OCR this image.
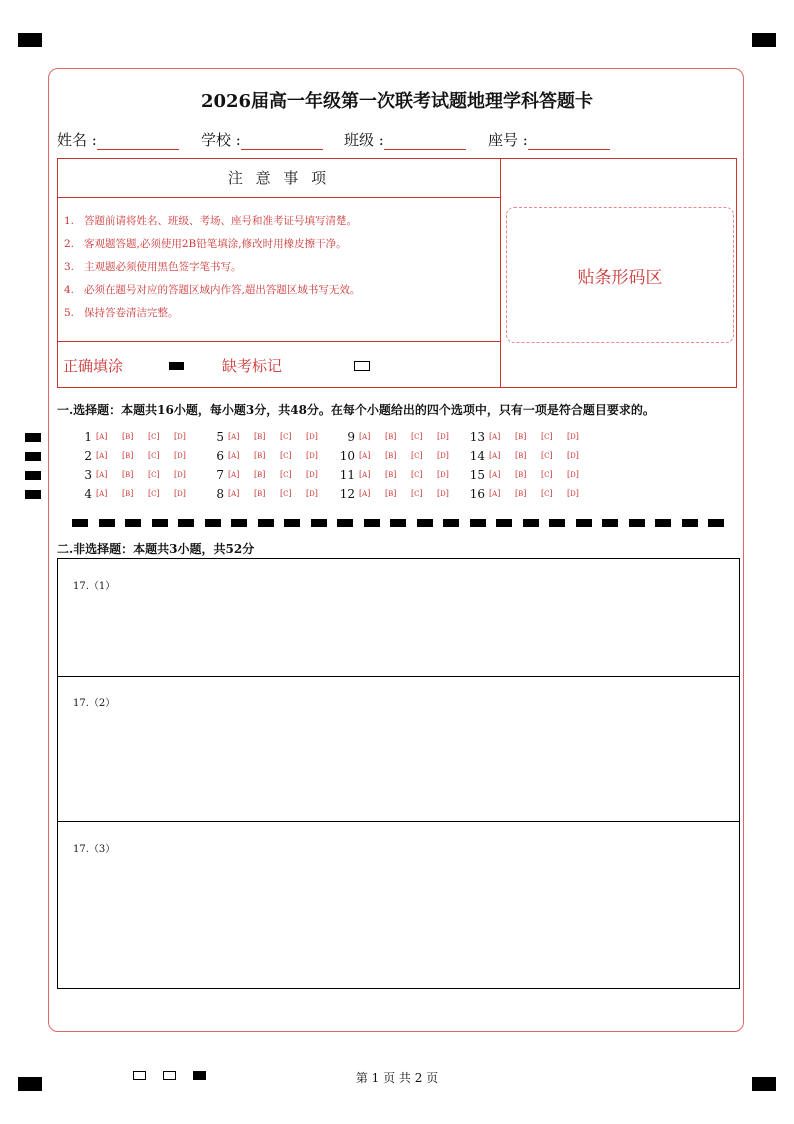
2026届高一年级第一次联考试题地理学科答题卡
姓名 :	学校 :	班级 :	座号 :
注 意 事 项
1. 答题前请将姓名、班级、考场、座号和准考证号填写清楚。
2. 客观题答题,必须使用2B铅笔填涂,修改时用橡皮擦干净。
3. 主观题必须使用黑色签字笔书写。
4. 必须在题号对应的答题区域内作答,超出答题区域书写无效。
5. 保持答卷清洁完整。
正确填涂	缺考标记
贴条形码区
一.选择题：本题共16小题，每小题3分，共48分。在每个小题给出的四个选项中，只有一项是符合题目要求的。
1 [A] [B] [C] [D]
2 [A] [B] [C] [D]
3 [A] [B] [C] [D]
4 [A] [B] [C] [D]
5 [A] [B] [C] [D]
6 [A] [B] [C] [D]
7 [A] [B] [C] [D]
8 [A] [B] [C] [D]
9 [A] [B] [C] [D]
10 [A] [B] [C] [D]
11 [A] [B] [C] [D]
12 [A] [B] [C] [D]
13 [A] [B] [C] [D]
14 [A] [B] [C] [D]
15 [A] [B] [C] [D]
16 [A] [B] [C] [D]
二.非选择题：本题共3小题，共52分
17.（1）
17.（2）
17.（3）
第 1 页 共 2 页
